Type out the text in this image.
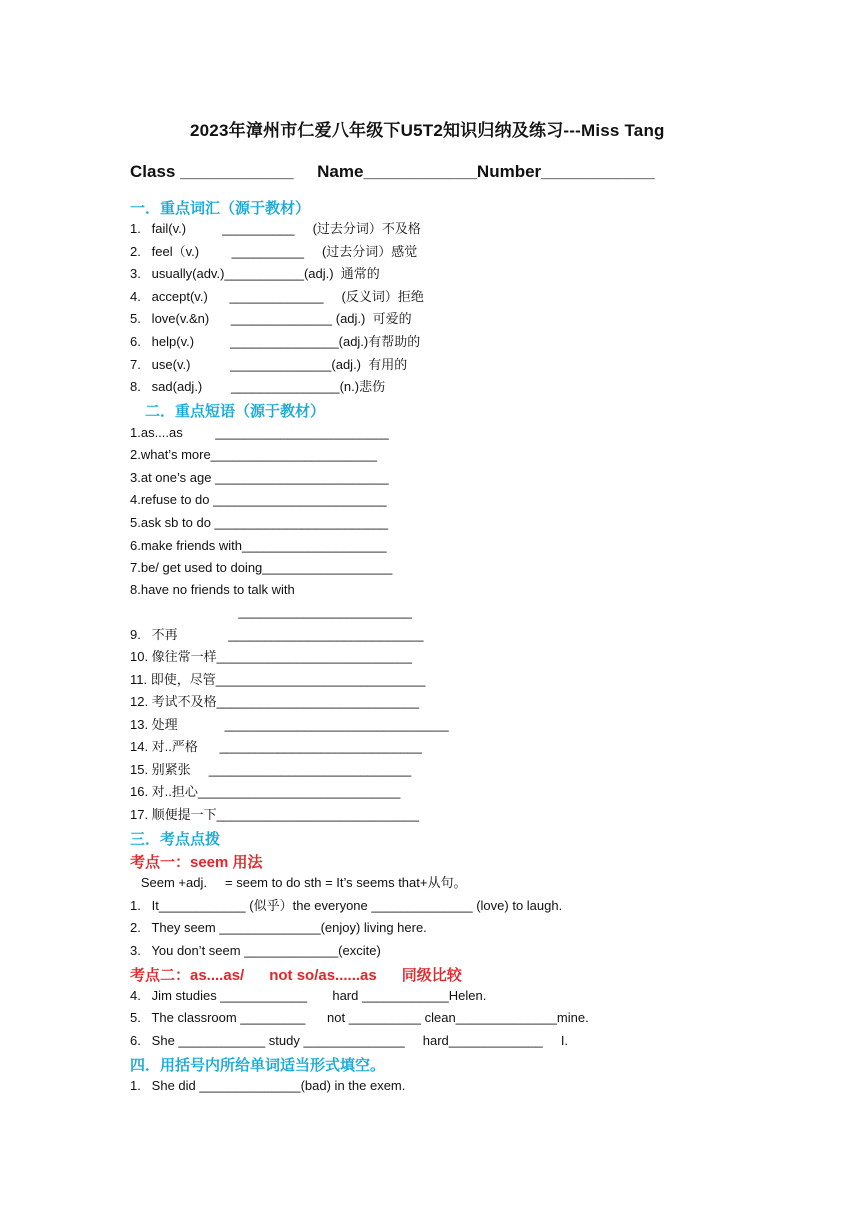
2023年漳州市仁爱八年级下U5T2知识归纳及练习---Miss Tang
Class ____________     Name____________Number____________
一．重点词汇（源于教材）
1.   fail(v.)          __________     (过去分词）不及格
2.   feel（v.)         __________     (过去分词）感觉
3.   usually(adv.)___________(adj.)  通常的
4.   accept(v.)      _____________     (反义词）拒绝
5.   love(v.&n)      ______________ (adj.)  可爱的
6.   help(v.)          _______________(adj.)有帮助的
7.   use(v.)           ______________(adj.)  有用的
8.   sad(adj.)        _______________(n.)悲伤
二．重点短语（源于教材）
1.as....as         ________________________
2.what’s more_______________________
3.at one’s age ________________________
4.refuse to do ________________________
5.ask sb to do ________________________
6.make friends with____________________
7.be/ get used to doing__________________
8.have no friends to talk with
________________________
9.   不再              ___________________________
10. 像往常一样___________________________
11. 即使，尽管_____________________________
12. 考试不及格____________________________
13. 处理             _______________________________
14. 对..严格      ____________________________
15. 别紧张     ____________________________
16. 对..担心____________________________
17. 顺便提一下____________________________
三．考点点拨
考点一：seem 用法
Seem +adj.     = seem to do sth = It’s seems that+从句。
1.   It____________ (似乎）the everyone ______________ (love) to laugh.
2.   They seem ______________(enjoy) living here.
3.   You don’t seem _____________(excite)
考点二：as....as/      not so/as......as      同级比较
4.   Jim studies ____________       hard ____________Helen.
5.   The classroom _________      not __________ clean______________mine.
6.   She ____________ study ______________     hard_____________     I.
四．用括号内所给单词适当形式填空。
1.   She did ______________(bad) in the exem.
